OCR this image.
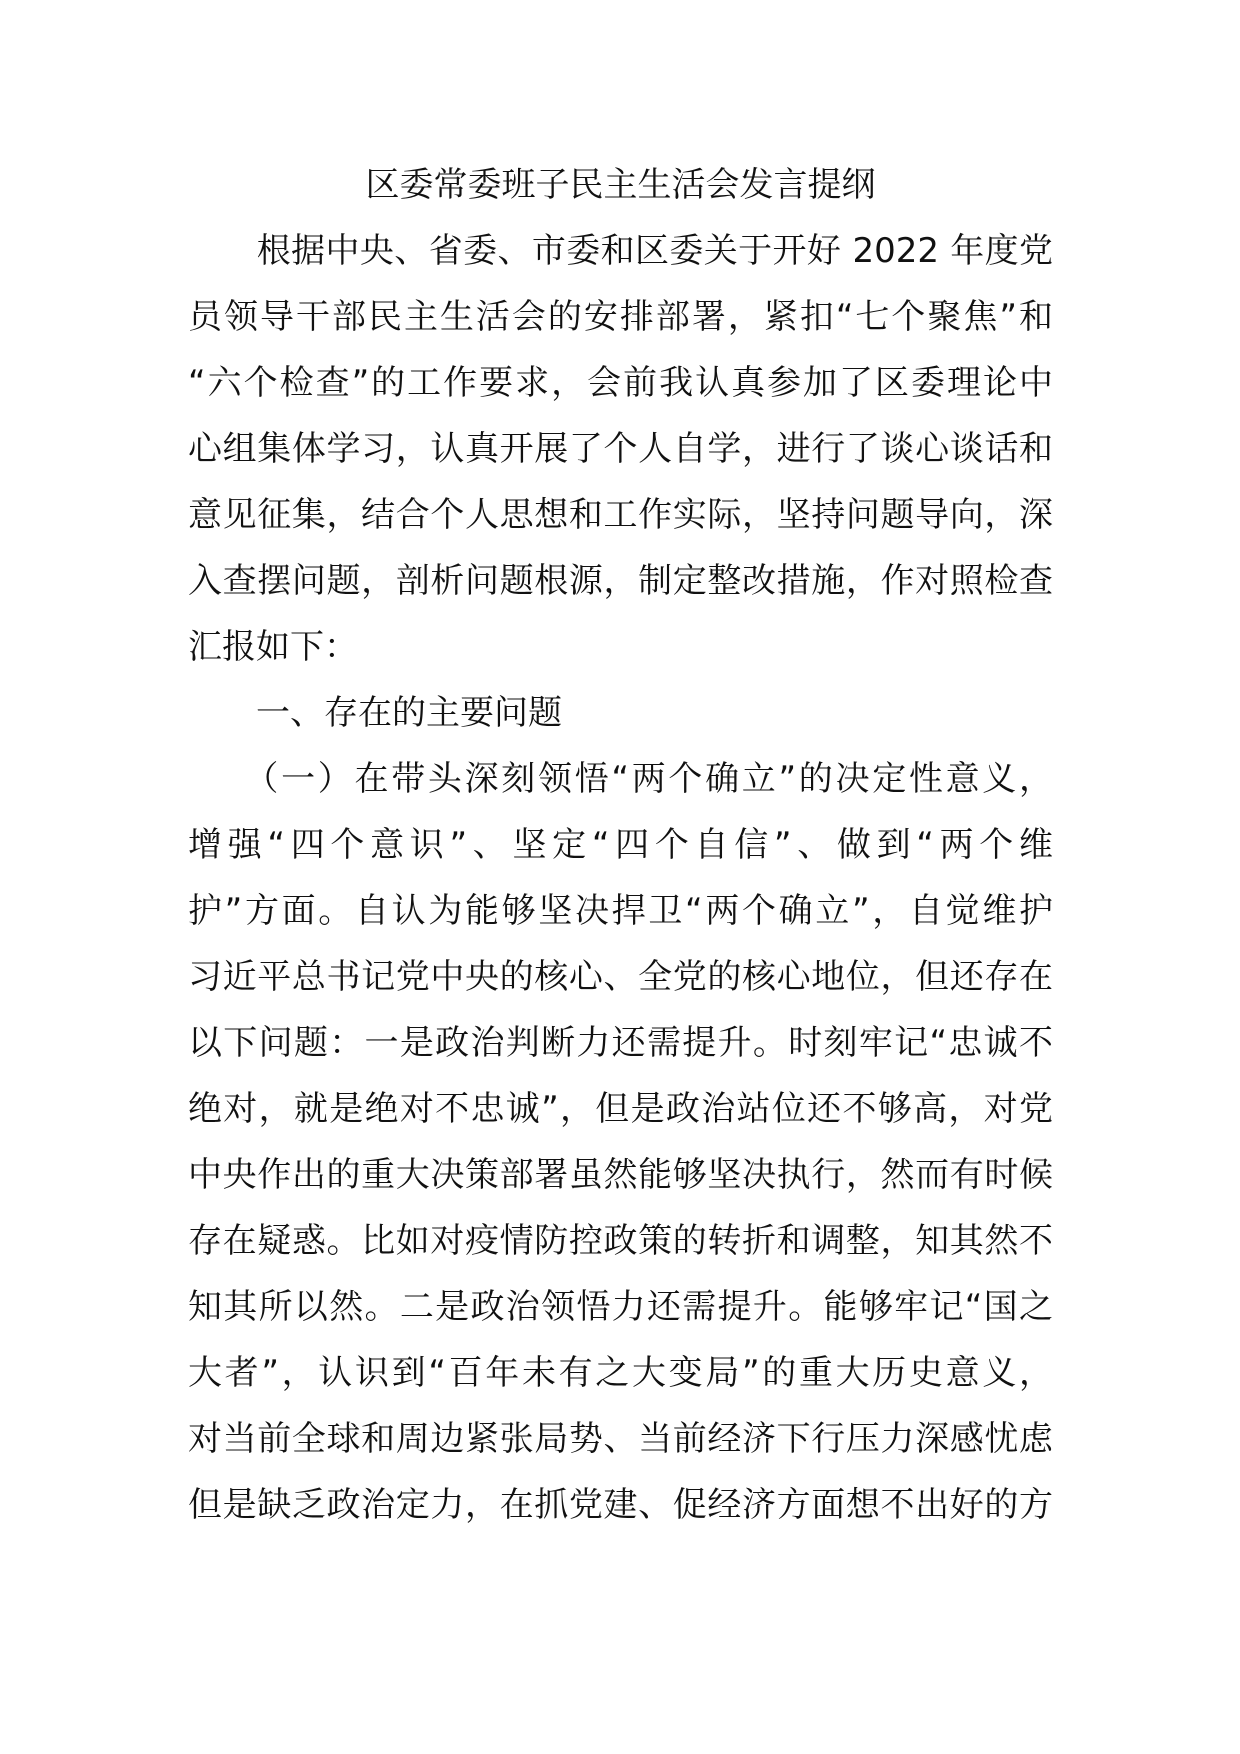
区委常委班子民主生活会发言提纲
　　根据中央、省委、市委和区委关于开好 2022 年度党
员领导干部民主生活会的安排部署，紧扣“七个聚焦”和
“六个检查”的工作要求，会前我认真参加了区委理论中
心组集体学习，认真开展了个人自学，进行了谈心谈话和
意见征集，结合个人思想和工作实际，坚持问题导向，深
入查摆问题，剖析问题根源，制定整改措施，作对照检查
汇报如下：
　　一、存在的主要问题
　　（一）在带头深刻领悟“两个确立”的决定性意义，
增强“四个意识”、坚定“四个自信”、做到“两个维
护”方面。自认为能够坚决捍卫“两个确立”，自觉维护
习近平总书记党中央的核心、全党的核心地位，但还存在
以下问题：一是政治判断力还需提升。时刻牢记“忠诚不
绝对，就是绝对不忠诚”，但是政治站位还不够高，对党
中央作出的重大决策部署虽然能够坚决执行，然而有时候
存在疑惑。比如对疫情防控政策的转折和调整，知其然不
知其所以然。二是政治领悟力还需提升。能够牢记“国之
大者”，认识到“百年未有之大变局”的重大历史意义，
对当前全球和周边紧张局势、当前经济下行压力深感忧虑
但是缺乏政治定力，在抓党建、促经济方面想不出好的方
